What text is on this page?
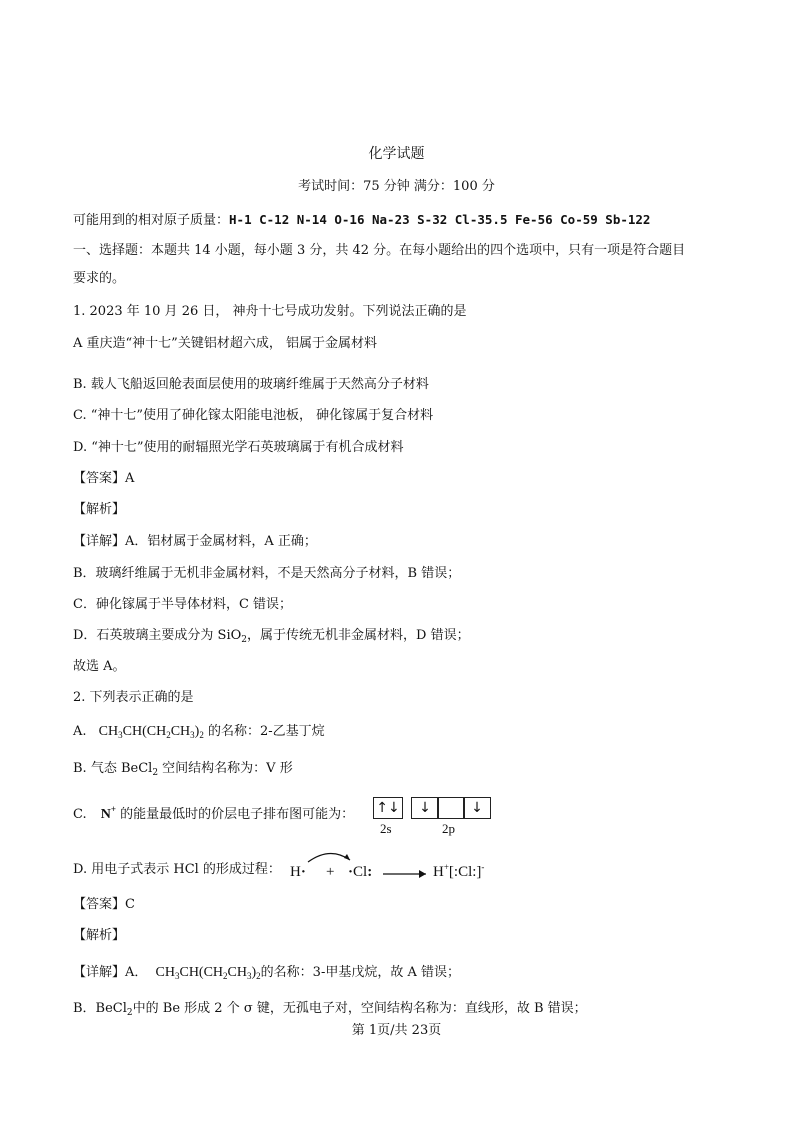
化学试题
考试时间：75 分钟 满分：100 分
可能用到的相对原子质量：H-1 C-12 N-14 O-16 Na-23 S-32 Cl-35.5 Fe-56 Co-59 Sb-122
一、选择题：本题共 14 小题，每小题 3 分，共 42 分。在每小题给出的四个选项中，只有一项是符合题目
要求的。
1. 2023 年 10 月 26 日， 神舟十七号成功发射。下列说法正确的是
A 重庆造“神十七”关键铝材超六成， 铝属于金属材料
B. 载人飞船返回舱表面层使用的玻璃纤维属于天然高分子材料
C. “神十七”使用了砷化镓太阳能电池板， 砷化镓属于复合材料
D. “神十七”使用的耐辐照光学石英玻璃属于有机合成材料
【答案】A
【解析】
【详解】A．铝材属于金属材料，A 正确；
B．玻璃纤维属于无机非金属材料，不是天然高分子材料，B 错误；
C．砷化镓属于半导体材料，C 错误；
D．石英玻璃主要成分为 SiO$_2$，属于传统无机非金属材料，D 错误；
故选 A。
2. 下列表示正确的是
A. $CH_3CH(CH_2CH_3)_2$ 的名称：2-乙基丁烷
B. 气态 BeCl$_2$ 空间结构名称为：V 形
C. N+ 的能量最低时的价层电子排布图可能为： ↑↓	↓	↓
2s	2p
D. 用电子式表示 HCl 的形成过程： H· + ·Cl:	H+[:Cl:]-
【答案】C
【解析】
【详解】A． $CH_3CH(CH_2CH_3)_2$的名称：3-甲基戊烷，故 A 错误；
B．BeCl$_2$中的 Be 形成 2 个 σ 键，无孤电子对，空间结构名称为：直线形，故 B 错误；
第 1页/共 23页
